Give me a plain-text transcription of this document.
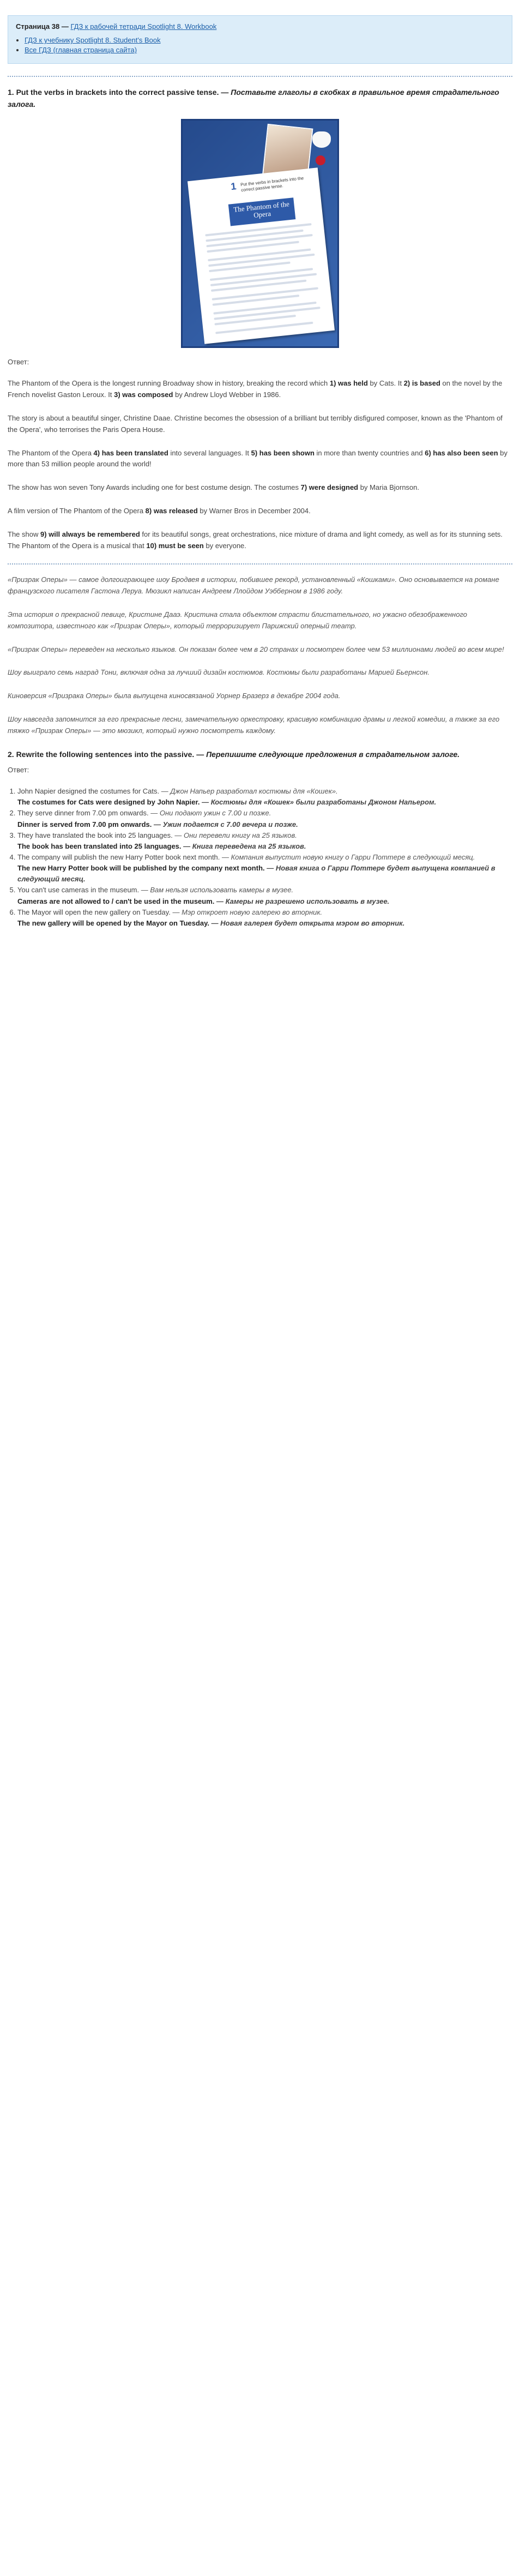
Страница 38 — ГДЗ к рабочей тетради Spotlight 8. Workbook

• ГДЗ к учебнику Spotlight 8. Student's Book
• Все ГДЗ (главная страница сайта)
1. Put the verbs in brackets into the correct passive tense. — Поставьте глаголы в скобках в правильное время страдательного залога.
1 Put the verbs in brackets into the correct passive tense.
The Phantom of the Opera
Ответ:

The Phantom of the Opera is the longest running Broadway show in history, breaking the record which 1) was held by Cats. It 2) is based on the novel by the French novelist Gaston Leroux. It 3) was composed by Andrew Lloyd Webber in 1986.

The story is about a beautiful singer, Christine Daae. Christine becomes the obsession of a brilliant but terribly disfigured composer, known as the 'Phantom of the Opera', who terrorises the Paris Opera House.

The Phantom of the Opera 4) has been translated into several languages. It 5) has been shown in more than twenty countries and 6) has also been seen by more than 53 million people around the world!

The show has won seven Tony Awards including one for best costume design. The costumes 7) were designed by Maria Bjornson.

A film version of The Phantom of the Opera 8) was released by Warner Bros in December 2004.

The show 9) will always be remembered for its beautiful songs, great orchestrations, nice mixture of drama and light comedy, as well as for its stunning sets. The Phantom of the Opera is a musical that 10) must be seen by everyone.

«Призрак Оперы» — самое долгоиграющее шоу Бродвея в истории, побившее рекорд, установленный «Кошками». Оно основывается на романе французского писателя Гастона Леруа. Мюзикл написан Андреем Ллойдом Уэбберном в 1986 году.

Эта история о прекрасной певице, Кристине Дааэ. Кристина стала объектом страсти блистательного, но ужасно обезображенного композитора, известного как «Призрак Оперы», который терроризирует Парижский оперный театр.

«Призрак Оперы» переведен на несколько языков. Он показан более чем в 20 странах и посмотрен более чем 53 миллионами людей во всем мире!

Шоу выиграло семь наград Тони, включая одна за лучший дизайн костюмов. Костюмы были разработаны Марией Бьернсон.

Киноверсия «Призрака Оперы» была выпущена киносвязаной Уорнер Бразерз в декабре 2004 года.

Шоу навсегда запомнится за его прекрасные песни, замечательную оркестровку, красивую комбинацию драмы и легкой комедии, а также за его тяжко «Призрак Оперы» — это мюзикл, который нужно посмотреть каждому.

2. Rewrite the following sentences into the passive. — Перепишите следующие предложения в страдательном залоге.
Ответ:
1. John Napier designed the costumes for Cats. — Джон Напьер разработал костюмы для «Кошек».
The costumes for Cats were designed by John Napier. — Костюмы для «Кошек» были разработаны Джоном Напьером.
2. They serve dinner from 7.00 pm onwards. — Они подают ужин с 7.00 и позже.
Dinner is served from 7.00 pm onwards. — Ужин подается с 7.00 вечера и позже.
3. They have translated the book into 25 languages. — Они перевели книгу на 25 языков.
The book has been translated into 25 languages. — Книга переведена на 25 языков.
4. The company will publish the new Harry Potter book next month. — Компания выпустит новую книгу о Гарри Поттере в следующий месяц.
The new Harry Potter book will be published by the company next month. — Новая книга о Гарри Поттере будет выпущена компанией в следующий месяц.
5. You can't use cameras in the museum. — Вам нельзя использовать камеры в музее.
Cameras are not allowed to / can't be used in the museum. — Камеры не разрешено использовать в музее.
6. The Mayor will open the new gallery on Tuesday. — Мэр откроет новую галерею во вторник.
The new gallery will be opened by the Mayor on Tuesday. — Новая галерея будет открыта мэром во вторник.
